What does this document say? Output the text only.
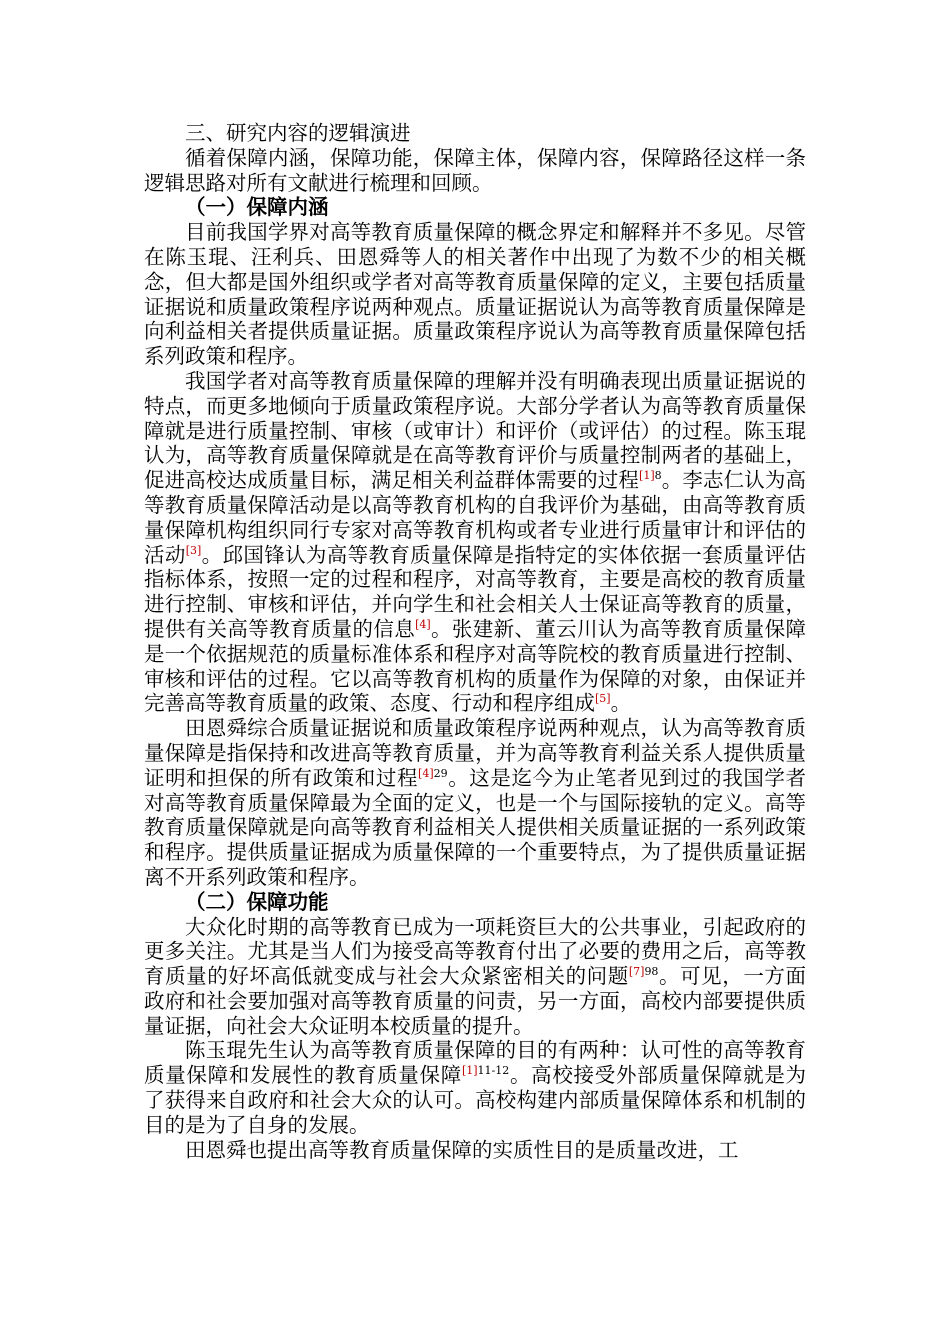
三、研究内容的逻辑演进

循着保障内涵，保障功能，保障主体，保障内容，保障路径这样一条逻辑思路对所有文献进行梳理和回顾。

（一）保障内涵

目前我国学界对高等教育质量保障的概念界定和解释并不多见。尽管在陈玉琨、汪利兵、田恩舜等人的相关著作中出现了为数不少的相关概念，但大都是国外组织或学者对高等教育质量保障的定义，主要包括质量证据说和质量政策程序说两种观点。质量证据说认为高等教育质量保障是向利益相关者提供质量证据。质量政策程序说认为高等教育质量保障包括系列政策和程序。

我国学者对高等教育质量保障的理解并没有明确表现出质量证据说的特点，而更多地倾向于质量政策程序说。大部分学者认为高等教育质量保障就是进行质量控制、审核（或审计）和评价（或评估）的过程。陈玉琨认为，高等教育质量保障就是在高等教育评价与质量控制两者的基础上，促进高校达成质量目标，满足相关利益群体需要的过程$^{[1]8}$。李志仁认为高等教育质量保障活动是以高等教育机构的自我评价为基础，由高等教育质量保障机构组织同行专家对高等教育机构或者专业进行质量审计和评估的活动[3]。邱国锋认为高等教育质量保障是指特定的实体依据一套质量评估指标体系，按照一定的过程和程序，对高等教育，主要是高校的教育质量进行控制、审核和评估，并向学生和社会相关人士保证高等教育的质量，提供有关高等教育质量的信息[4]。张建新、董云川认为高等教育质量保障是一个依据规范的质量标准体系和程序对高等院校的教育质量进行控制、审核和评估的过程。它以高等教育机构的质量作为保障的对象，由保证并完善高等教育质量的政策、态度、行动和程序组成[5]。

田恩舜综合质量证据说和质量政策程序说两种观点，认为高等教育质量保障是指保持和改进高等教育质量，并为高等教育利益关系人提供质量证明和担保的所有政策和过程$^{[4]29}$。这是迄今为止笔者见到过的我国学者对高等教育质量保障最为全面的定义，也是一个与国际接轨的定义。高等教育质量保障就是向高等教育利益相关人提供相关质量证据的一系列政策和程序。提供质量证据成为质量保障的一个重要特点，为了提供质量证据离不开系列政策和程序。

（二）保障功能

大众化时期的高等教育已成为一项耗资巨大的公共事业，引起政府的更多关注。尤其是当人们为接受高等教育付出了必要的费用之后，高等教育质量的好坏高低就变成与社会大众紧密相关的问题$^{[7]98}$。可见，一方面政府和社会要加强对高等教育质量的问责，另一方面，高校内部要提供质量证据，向社会大众证明本校质量的提升。

陈玉琨先生认为高等教育质量保障的目的有两种：认可性的高等教育质量保障和发展性的教育质量保障$^{[1]11-12}$。高校接受外部质量保障就是为了获得来自政府和社会大众的认可。高校构建内部质量保障体系和机制的目的是为了自身的发展。

田恩舜也提出高等教育质量保障的实质性目的是质量改进，工
